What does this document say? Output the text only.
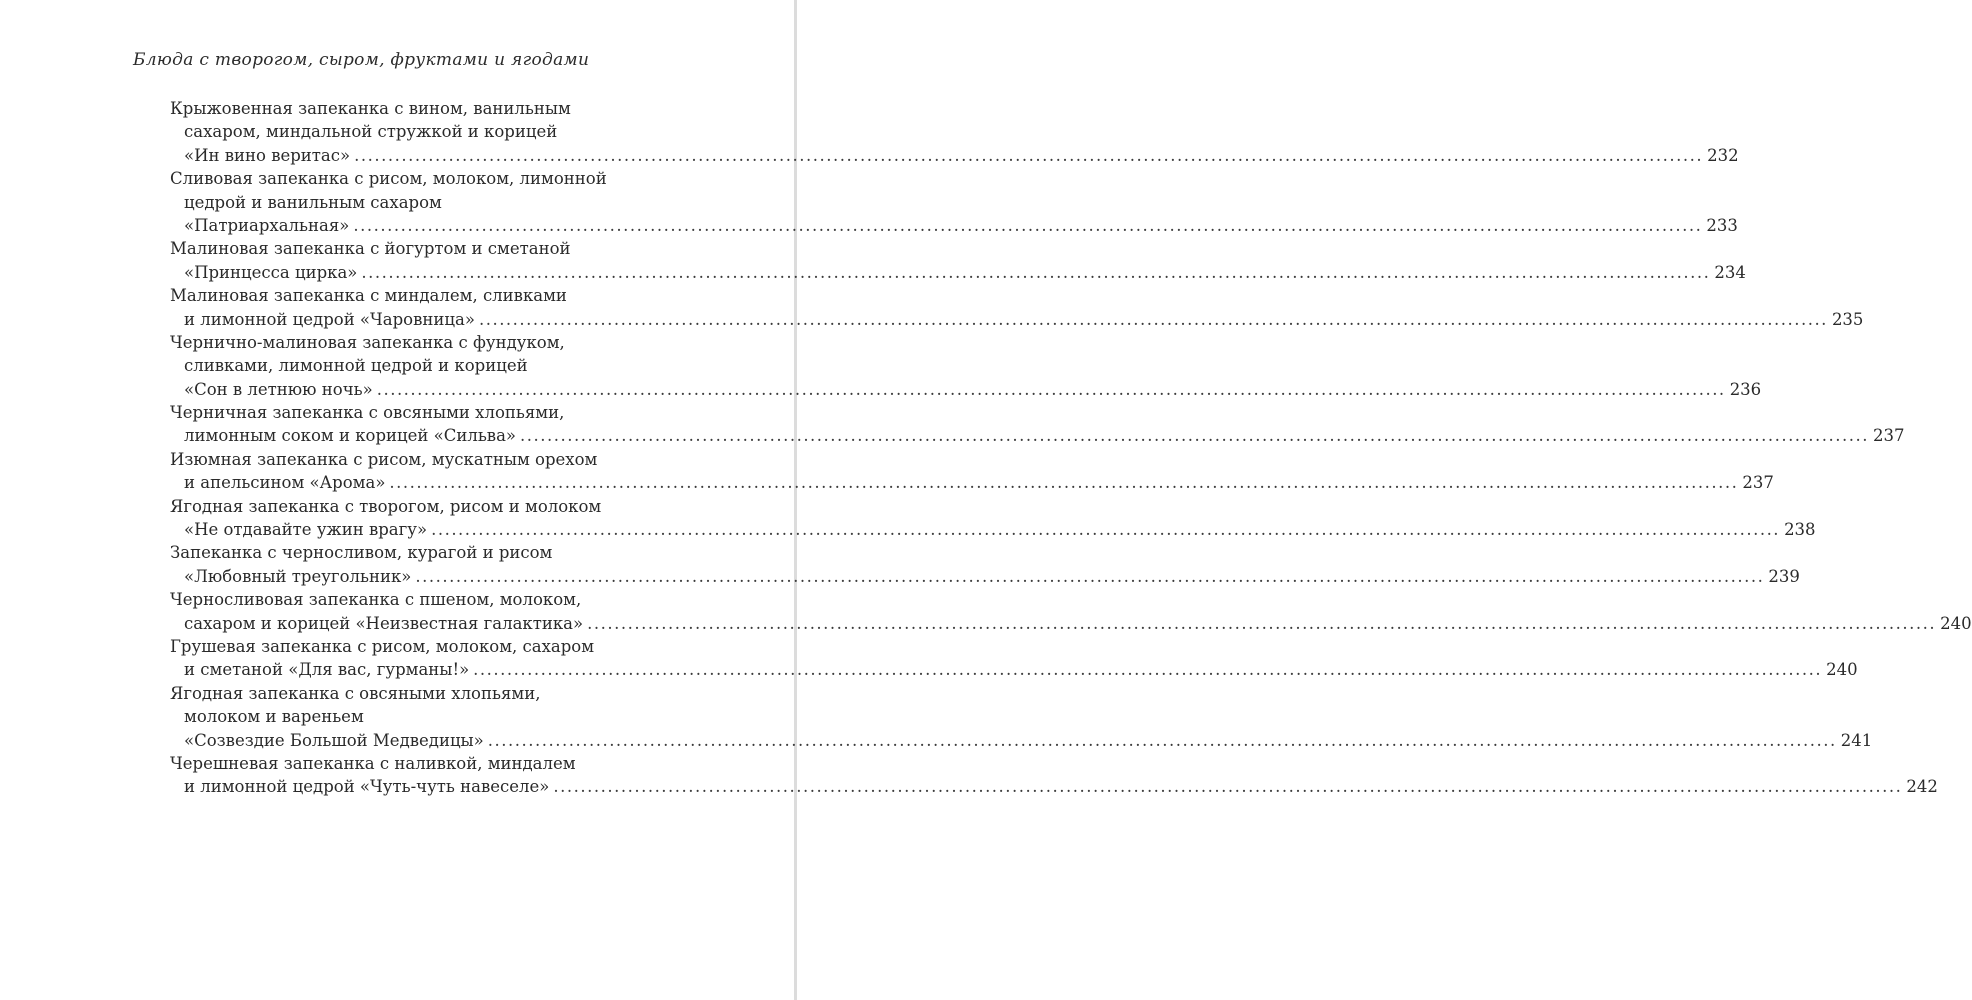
Блюда с творогом, сыром, фруктами и ягодами
Крыжовенная запеканка с вином, ванильным
сахаром, миндальной стружкой и корицей
«Ин вино веритас» ........................................................................................................................................................................................................ 232
Сливовая запеканка с рисом, молоком, лимонной
цедрой и ванильным сахаром
«Патриархальная» ........................................................................................................................................................................................................ 233
Малиновая запеканка с йогуртом и сметаной
«Принцесса цирка» ........................................................................................................................................................................................................ 234
Малиновая запеканка с миндалем, сливками
и лимонной цедрой «Чаровница» ........................................................................................................................................................................................................ 235
Чернично-малиновая запеканка с фундуком,
сливками, лимонной цедрой и корицей
«Сон в летнюю ночь» ........................................................................................................................................................................................................ 236
Черничная запеканка с овсяными хлопьями,
лимонным соком и корицей «Сильва» ........................................................................................................................................................................................................ 237
Изюмная запеканка с рисом, мускатным орехом
и апельсином «Арома» ........................................................................................................................................................................................................ 237
Ягодная запеканка с творогом, рисом и молоком
«Не отдавайте ужин врагу» ........................................................................................................................................................................................................ 238
Запеканка с черносливом, курагой и рисом
«Любовный треугольник» ........................................................................................................................................................................................................ 239
Черносливовая запеканка с пшеном, молоком,
сахаром и корицей «Неизвестная галактика» ........................................................................................................................................................................................................ 240
Грушевая запеканка с рисом, молоком, сахаром
и сметаной «Для вас, гурманы!» ........................................................................................................................................................................................................ 240
Ягодная запеканка с овсяными хлопьями,
молоком и вареньем
«Созвездие Большой Медведицы» ........................................................................................................................................................................................................ 241
Черешневая запеканка с наливкой, миндалем
и лимонной цедрой «Чуть-чуть навеселе» ........................................................................................................................................................................................................ 242
